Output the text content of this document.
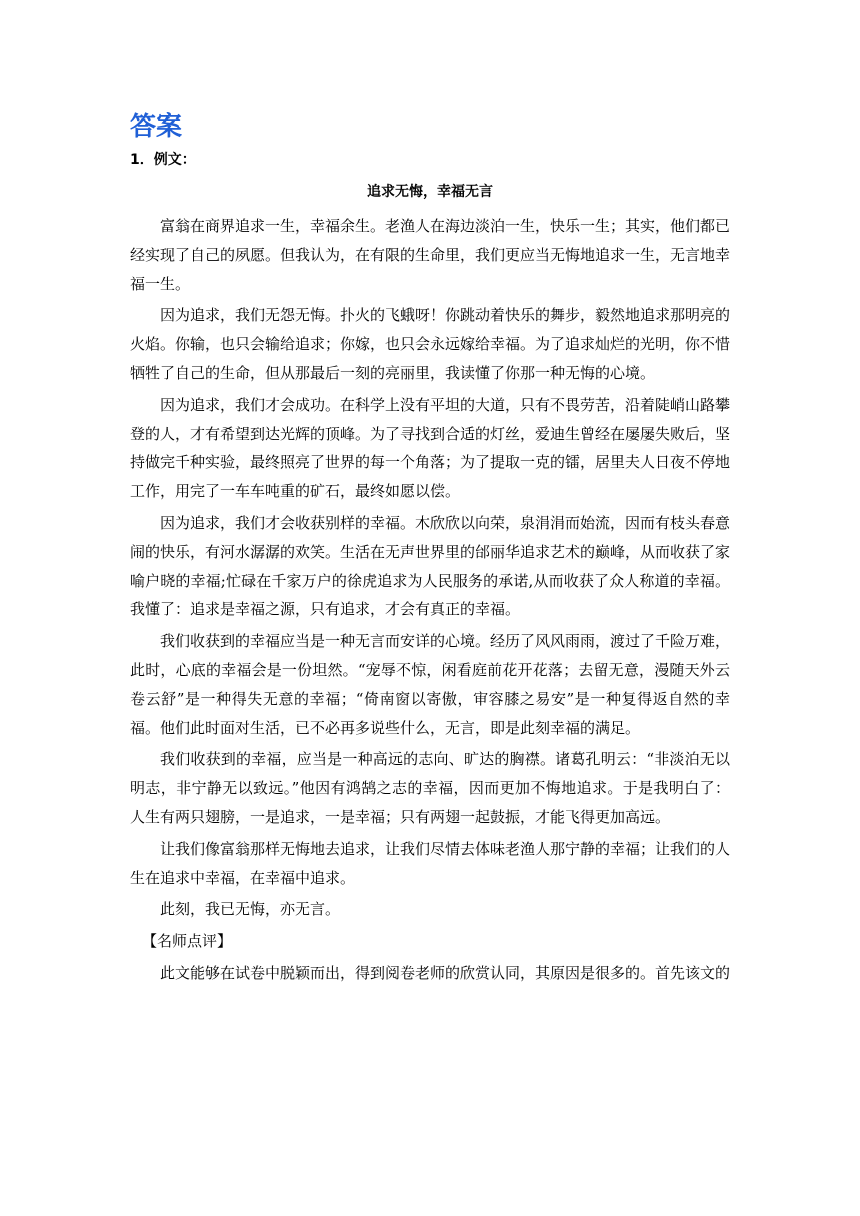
答案
1．例文：
追求无悔，幸福无言

富翁在商界追求一生，幸福余生。老渔人在海边淡泊一生，快乐一生；其实，他们都已经实现了自己的夙愿。但我认为，在有限的生命里，我们更应当无悔地追求一生，无言地幸福一生。

因为追求，我们无怨无悔。扑火的飞蛾呀！你跳动着快乐的舞步，毅然地追求那明亮的火焰。你输，也只会输给追求；你嫁，也只会永远嫁给幸福。为了追求灿烂的光明，你不惜牺牲了自己的生命，但从那最后一刻的亮丽里，我读懂了你那一种无悔的心境。

因为追求，我们才会成功。在科学上没有平坦的大道，只有不畏劳苦，沿着陡峭山路攀登的人，才有希望到达光辉的顶峰。为了寻找到合适的灯丝，爱迪生曾经在屡屡失败后，坚持做完千种实验，最终照亮了世界的每一个角落；为了提取一克的镭，居里夫人日夜不停地工作，用完了一车车吨重的矿石，最终如愿以偿。

因为追求，我们才会收获别样的幸福。木欣欣以向荣，泉涓涓而始流，因而有枝头春意闹的快乐，有河水潺潺的欢笑。生活在无声世界里的邰丽华追求艺术的巅峰，从而收获了家喻户晓的幸福;忙碌在千家万户的徐虎追求为人民服务的承诺,从而收获了众人称道的幸福。我懂了：追求是幸福之源，只有追求，才会有真正的幸福。

我们收获到的幸福应当是一种无言而安详的心境。经历了风风雨雨，渡过了千险万难，此时，心底的幸福会是一份坦然。“宠辱不惊，闲看庭前花开花落；去留无意，漫随天外云卷云舒”是一种得失无意的幸福；“倚南窗以寄傲，审容膝之易安”是一种复得返自然的幸福。他们此时面对生活，已不必再多说些什么，无言，即是此刻幸福的满足。

我们收获到的幸福，应当是一种高远的志向、旷达的胸襟。诸葛孔明云：“非淡泊无以明志，非宁静无以致远。”他因有鸿鹄之志的幸福，因而更加不悔地追求。于是我明白了：人生有两只翅膀，一是追求，一是幸福；只有两翅一起鼓振，才能飞得更加高远。

让我们像富翁那样无悔地去追求，让我们尽情去体味老渔人那宁静的幸福；让我们的人生在追求中幸福，在幸福中追求。

此刻，我已无悔，亦无言。

【名师点评】

此文能够在试卷中脱颖而出，得到阅卷老师的欣赏认同，其原因是很多的。首先该文的
